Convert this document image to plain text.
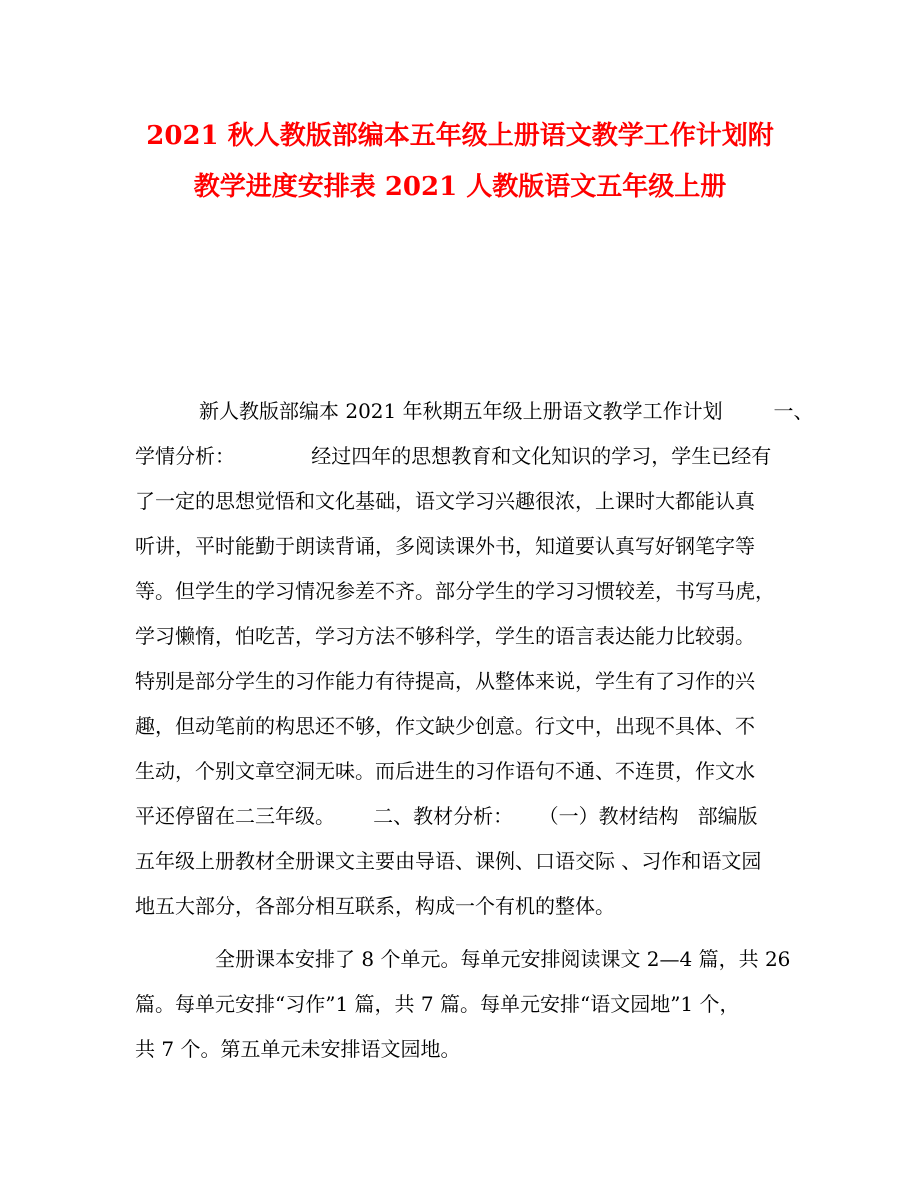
2021 秋人教版部编本五年级上册语文教学工作计划附
教学进度安排表 2021 人教版语文五年级上册
新人教版部编本 2021 年秋期五年级上册语文教学工作计划        一、
学情分析：            经过四年的思想教育和文化知识的学习，学生已经有
了一定的思想觉悟和文化基础，语文学习兴趣很浓，上课时大都能认真
听讲，平时能勤于朗读背诵，多阅读课外书，知道要认真写好钢笔字等
等。但学生的学习情况参差不齐。部分学生的学习习惯较差，书写马虎，
学习懒惰，怕吃苦，学习方法不够科学，学生的语言表达能力比较弱。
特别是部分学生的习作能力有待提高，从整体来说，学生有了习作的兴
趣，但动笔前的构思还不够，作文缺少创意。行文中，出现不具体、不
生动，个别文章空洞无味。而后进生的习作语句不通、不连贯，作文水
平还停留在二三年级。      二、教材分析：    （一）教材结构   部编版
五年级上册教材全册课文主要由导语、课例、口语交际 、习作和语文园
地五大部分，各部分相互联系，构成一个有机的整体。
全册课本安排了 8 个单元。每单元安排阅读课文 2—4 篇，共 26
篇。每单元安排“习作”1 篇，共 7 篇。每单元安排“语文园地”1 个，
共 7 个。第五单元未安排语文园地。
